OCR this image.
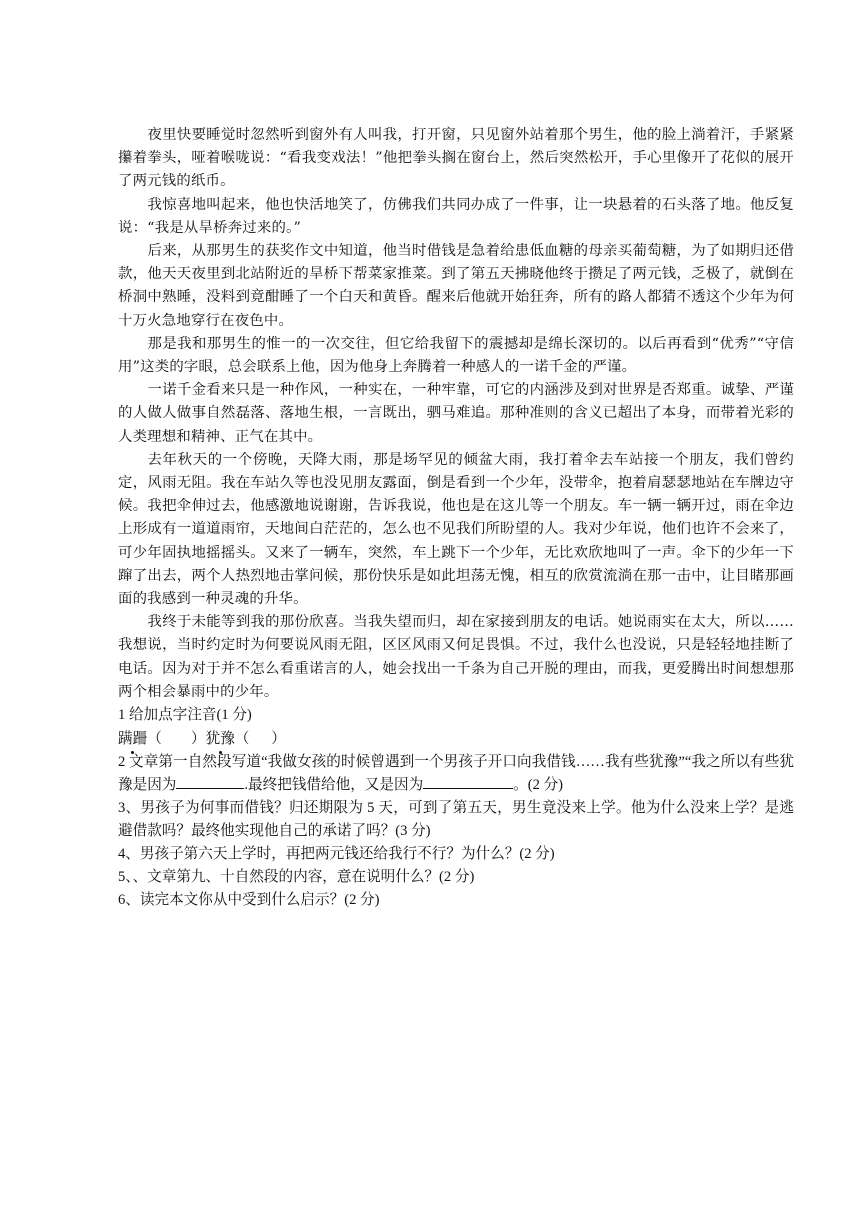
夜里快要睡觉时忽然听到窗外有人叫我，打开窗，只见窗外站着那个男生，他的脸上淌着汗，手紧紧攥着拳头，哑着喉咙说：“看我变戏法！”他把拳头搁在窗台上，然后突然松开，手心里像开了花似的展开了两元钱的纸币。

我惊喜地叫起来，他也快活地笑了，仿佛我们共同办成了一件事，让一块悬着的石头落了地。他反复说：“我是从旱桥奔过来的。”

后来，从那男生的获奖作文中知道，他当时借钱是急着给患低血糖的母亲买葡萄糖，为了如期归还借款，他天天夜里到北站附近的旱桥下帮菜家推菜。到了第五天拂晓他终于攒足了两元钱，乏极了，就倒在桥洞中熟睡，没料到竟酣睡了一个白天和黄昏。醒来后他就开始狂奔，所有的路人都猜不透这个少年为何十万火急地穿行在夜色中。

那是我和那男生的惟一的一次交往，但它给我留下的震撼却是绵长深切的。以后再看到“优秀”“守信用”这类的字眼，总会联系上他，因为他身上奔腾着一种感人的一诺千金的严谨。

一诺千金看来只是一种作风，一种实在，一种牢靠，可它的内涵涉及到对世界是否郑重。诚挚、严谨的人做人做事自然磊落、落地生根，一言既出，驷马难追。那种准则的含义已超出了本身，而带着光彩的人类理想和精神、正气在其中。

去年秋天的一个傍晚，天降大雨，那是场罕见的倾盆大雨，我打着伞去车站接一个朋友，我们曾约定，风雨无阻。我在车站久等也没见朋友露面，倒是看到一个少年，没带伞，抱着肩瑟瑟地站在车牌边守候。我把伞伸过去，他感激地说谢谢，告诉我说，他也是在这儿等一个朋友。车一辆一辆开过，雨在伞边上形成有一道道雨帘，天地间白茫茫的，怎么也不见我们所盼望的人。我对少年说，他们也许不会来了，可少年固执地摇摇头。又来了一辆车，突然，车上跳下一个少年，无比欢欣地叫了一声。伞下的少年一下蹿了出去，两个人热烈地击掌问候，那份快乐是如此坦荡无愧，相互的欣赏流淌在那一击中，让目睹那画面的我感到一种灵魂的升华。

我终于未能等到我的那份欣喜。当我失望而归，却在家接到朋友的电话。她说雨实在太大，所以……我想说，当时约定时为何要说风雨无阻，区区风雨又何足畏惧。不过，我什么也没说，只是轻轻地挂断了电话。因为对于并不怎么看重诺言的人，她会找出一千条为自己开脱的理由，而我，更爱腾出时间想想那两个相会暴雨中的少年。

1 给加点字注音(1 分)

蹒跚（        ）犹豫（      ）

2 文章第一自然段写道“我做女孩的时候曾遇到一个男孩子开口向我借钱……我有些犹豫”“我之所以有些犹豫是因为	.最终把钱借给他，又是因为	。(2 分)

3、男孩子为何事而借钱？归还期限为 5 天，可到了第五天，男生竟没来上学。他为什么没来上学？是逃避借款吗？最终他实现他自己的承诺了吗？(3 分)

4、男孩子第六天上学时，再把两元钱还给我行不行？为什么？(2 分)

5、、文章第九、十自然段的内容，意在说明什么？(2 分)

6、读完本文你从中受到什么启示？(2 分)
